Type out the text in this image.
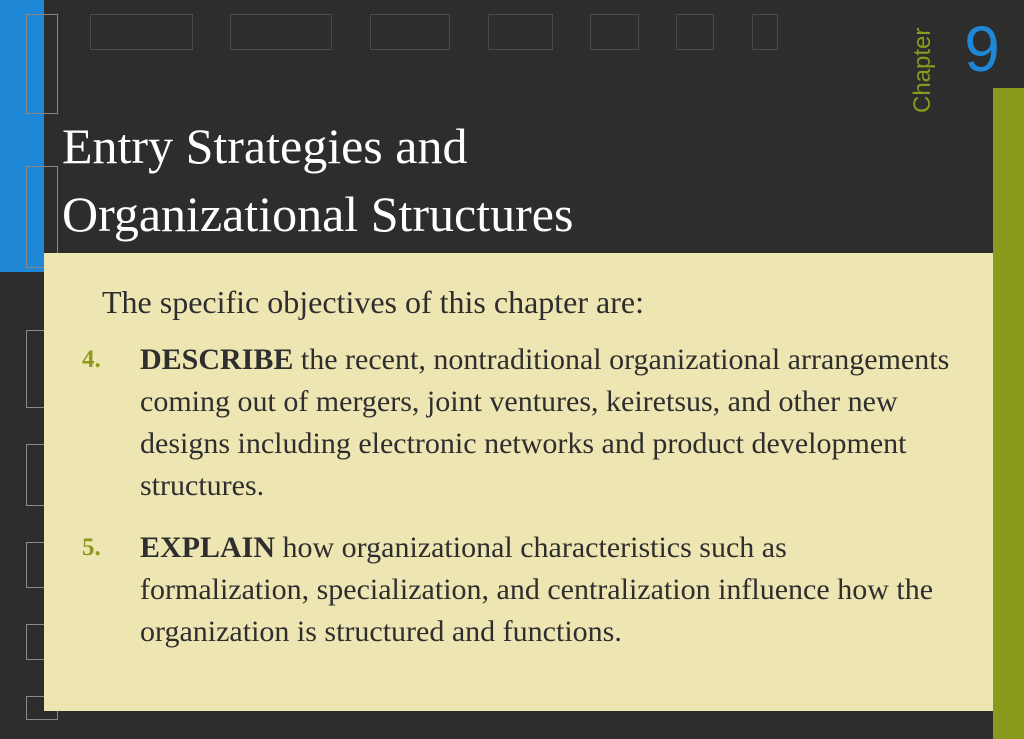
Chapter 9
Entry Strategies and
Organizational Structures

The specific objectives of this chapter are:

4.	DESCRIBE the recent, nontraditional organizational arrangements coming out of mergers, joint ventures, keiretsus, and other new designs including electronic networks and product development structures.

5.	EXPLAIN how organizational characteristics such as formalization, specialization, and centralization influence how the organization is structured and functions.
